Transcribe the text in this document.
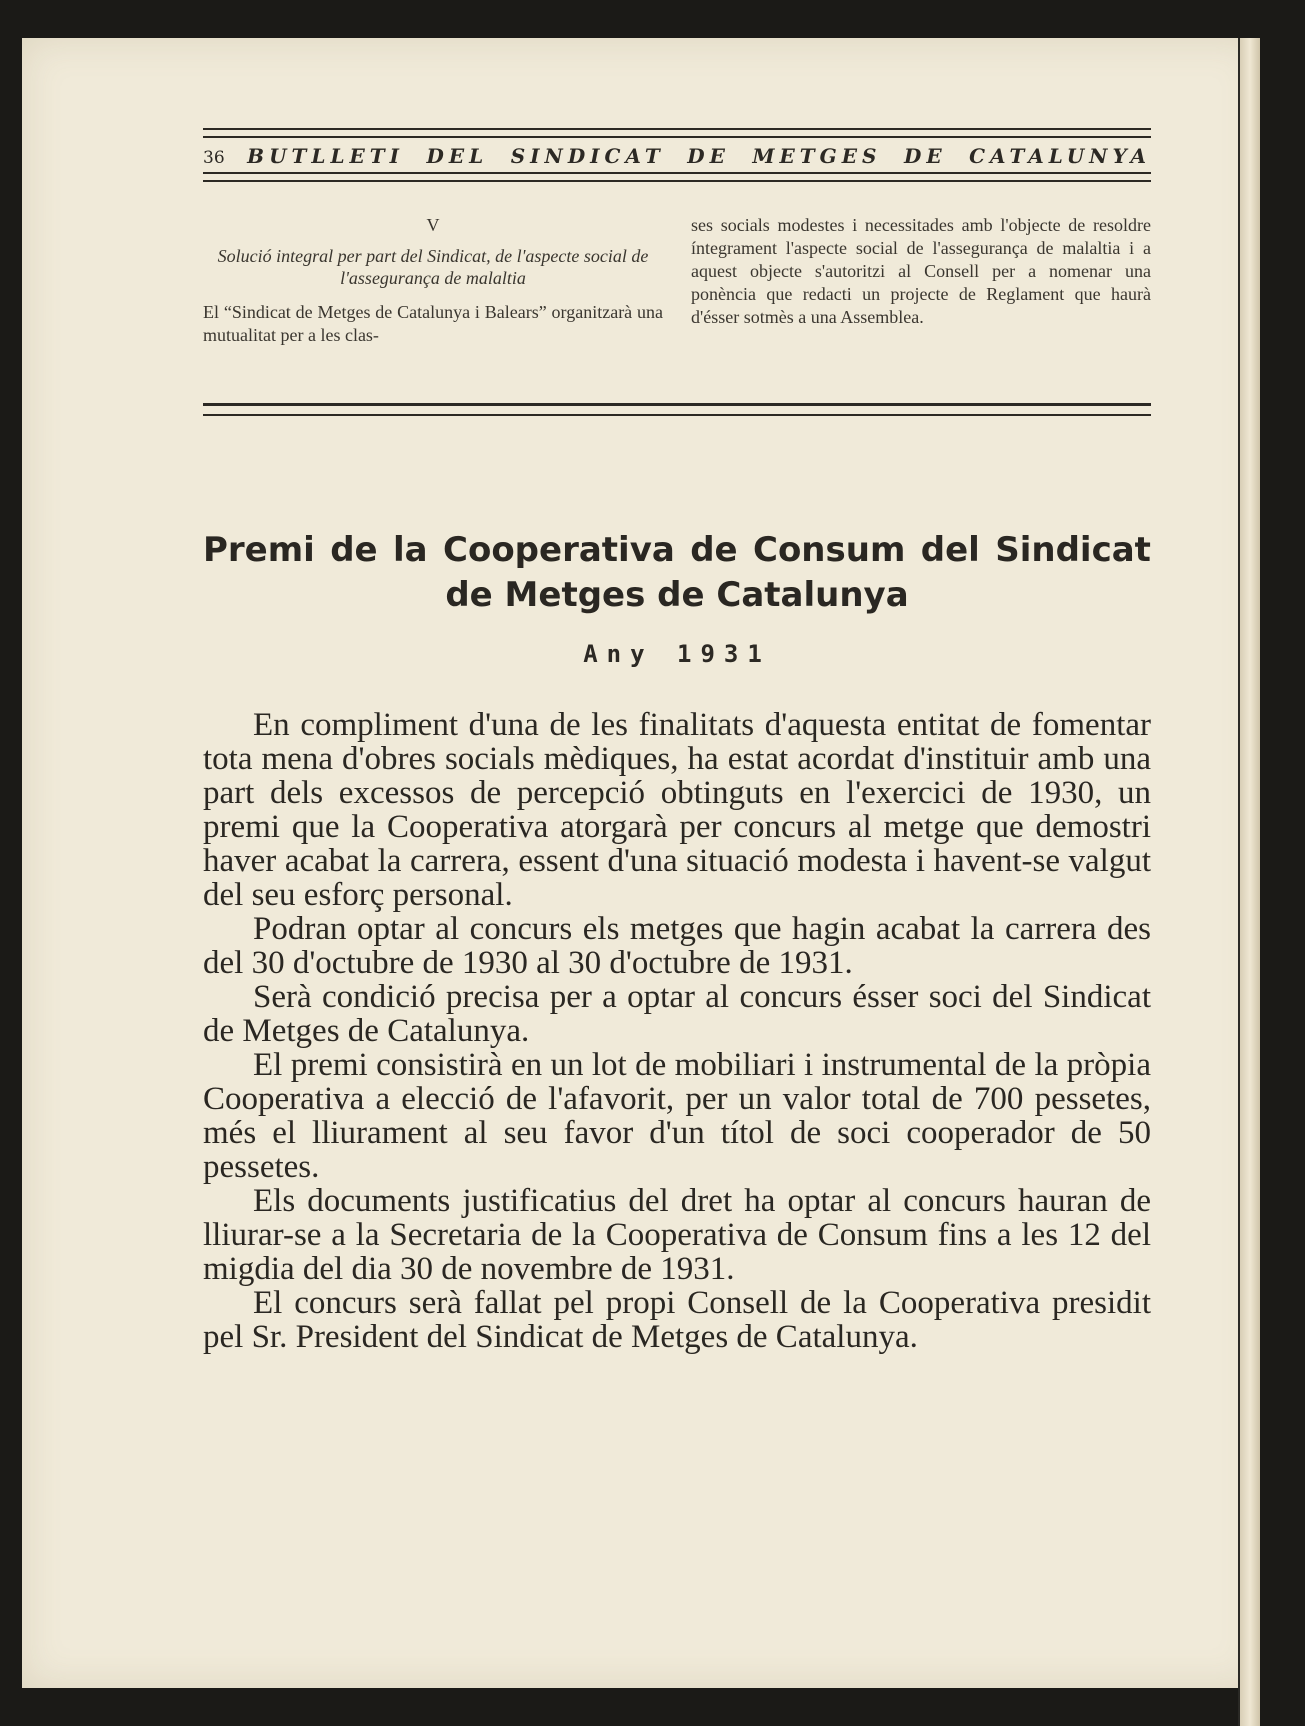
36 BUTLLETI DEL SINDICAT DE METGES DE CATALUNYA
V
Solució integral per part del Sindicat, de l'aspecte social de l'assegurança de malaltia

El “Sindicat de Metges de Catalunya i Balears” organitzarà una mutualitat per a les clas-

ses socials modestes i necessitades amb l'objecte de resoldre íntegrament l'aspecte social de l'assegurança de malaltia i a aquest objecte s'autoritzi al Consell per a nomenar una ponència que redacti un projecte de Reglament que haurà d'ésser sotmès a una Assemblea.

Premi de la Cooperativa de Consum del Sindicat
de Metges de Catalunya
Any 1931

En compliment d'una de les finalitats d'aquesta entitat de fomentar tota mena d'obres socials mèdiques, ha estat acordat d'instituir amb una part dels excessos de percepció obtinguts en l'exercici de 1930, un premi que la Cooperativa atorgarà per concurs al metge que demostri haver acabat la carrera, essent d'una situació modesta i havent-se valgut del seu esforç personal.

Podran optar al concurs els metges que hagin acabat la carrera des del 30 d'octubre de 1930 al 30 d'octubre de 1931.

Serà condició precisa per a optar al concurs ésser soci del Sindicat de Metges de Catalunya.

El premi consistirà en un lot de mobiliari i instrumental de la pròpia Cooperativa a elecció de l'afavorit, per un valor total de 700 pessetes, més el lliurament al seu favor d'un títol de soci cooperador de 50 pessetes.

Els documents justificatius del dret ha optar al concurs hauran de lliurar-se a la Secretaria de la Cooperativa de Consum fins a les 12 del migdia del dia 30 de novembre de 1931.

El concurs serà fallat pel propi Consell de la Cooperativa presidit pel Sr. President del Sindicat de Metges de Catalunya.
